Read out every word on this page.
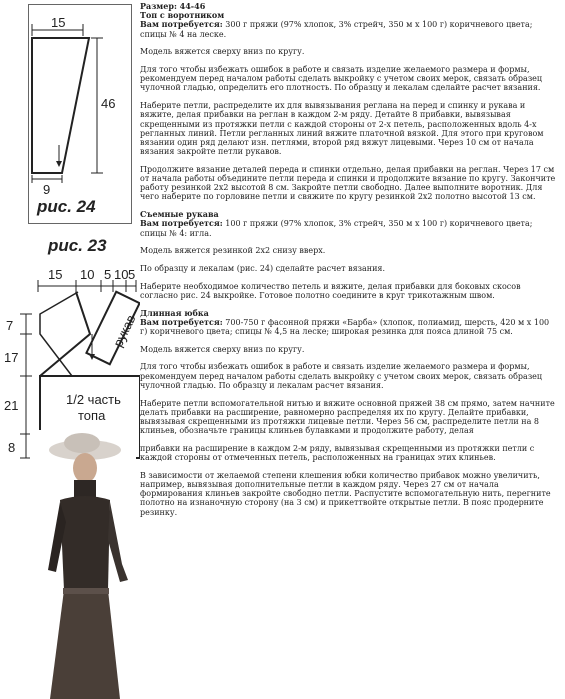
15
46
9
рис. 24
рис. 23
15 10 5 10 5
7
17
21
8
рукав
1/2 часть
топа
Размер: 44-46
Топ с воротником

Вам потребуется: 300 г пряжи (97% хлопок, 3% стрейч, 350 м х 100 г) коричневого цвета; спицы № 4 на леске.

Модель вяжется сверху вниз по кругу.

Для того чтобы избежать ошибок в работе и связать изделие желаемого размера и формы, рекомендуем перед началом работы сделать выкройку с учетом своих мерок, связать образец чулочной гладью, определить его плотность. По образцу и лекалам сделайте расчет вязания.

Наберите петли, распределите их для вывязывания реглана на перед и спинку и рукава и вяжите, делая прибавки на реглан в каждом 2-м ряду. Детайте 8 прибавки, вывязывая скрещенными из протяжки петли с каждой стороны от 2-х петель, расположенных вдоль 4-х регланных линий. Петли регланных линий вяжите платочной вязкой. Для этого при круговом вязании один ряд делают изн. петлями, второй ряд вяжут лицевыми. Через 10 см от начала вязания закройте петли рукавов.

Продолжите вязание деталей переда и спинки отдельно, делая прибавки на реглан. Через 17 см от начала работы объедините петли переда и спинки и продолжите вязание по кругу. Закончите работу резинкой 2x2 высотой 8 см. Закройте петли свободно. Далее выполните воротник. Для чего наберите по горловине петли и свяжите по кругу резинкой 2x2 полотно высотой 13 см.

Съемные рукава

Вам потребуется: 100 г пряжи (97% хлопок, 3% стрейч, 350 м х 100 г) коричневого цвета; спицы № 4: игла.

Модель вяжется резинкой 2x2 снизу вверх.

По образцу и лекалам (рис. 24) сделайте расчет вязания.

Наберите необходимое количество петель и вяжите, делая прибавки для боковых скосов согласно рис. 24 выкройке. Готовое полотно соедините в круг трикотажным швом.

Длинная юбка

Вам потребуется: 700-750 г фасонной пряжи «Барба» (хлопок, полиамид, шерсть, 420 м х 100 г) коричневого цвета; спицы № 4,5 на леске; широкая резинка для пояса длиной 75 см.

Модель вяжется сверху вниз по кругу.

Для того чтобы избежать ошибок в работе и связать изделие желаемого размера и формы, рекомендуем перед началом работы сделать выкройку с учетом своих мерок, связать образец чулочной гладью. По образцу и лекалам расчет вязания.

Наберите петли вспомогательной нитью и вяжите основной пряжей 38 см прямо, затем начните делать прибавки на расширение, равномерно распределяя их по кругу. Делайте прибавки, вывязывая скрещенными из протяжки лицевые петли. Через 56 см, распределите петли на 8 клиньев, обозначьте границы клиньев булавками и продолжите работу, делая

прибавки на расширение в каждом 2-м ряду, вывязывая скрещенными из протяжки петли с каждой стороны от отмеченных петель, расположенных на границах этих клиньев.

В зависимости от желаемой степени клешения юбки количество прибавок можно увеличить, например, вывязывая дополнительные петли в каждом ряду. Через 27 см от начала формирования клиньев закройте свободно петли. Распустите вспомогательную нить, перегните полотно на изнаночную сторону (на 3 см) и прикеттвойте открытые петли. В пояс продерните резинку.
